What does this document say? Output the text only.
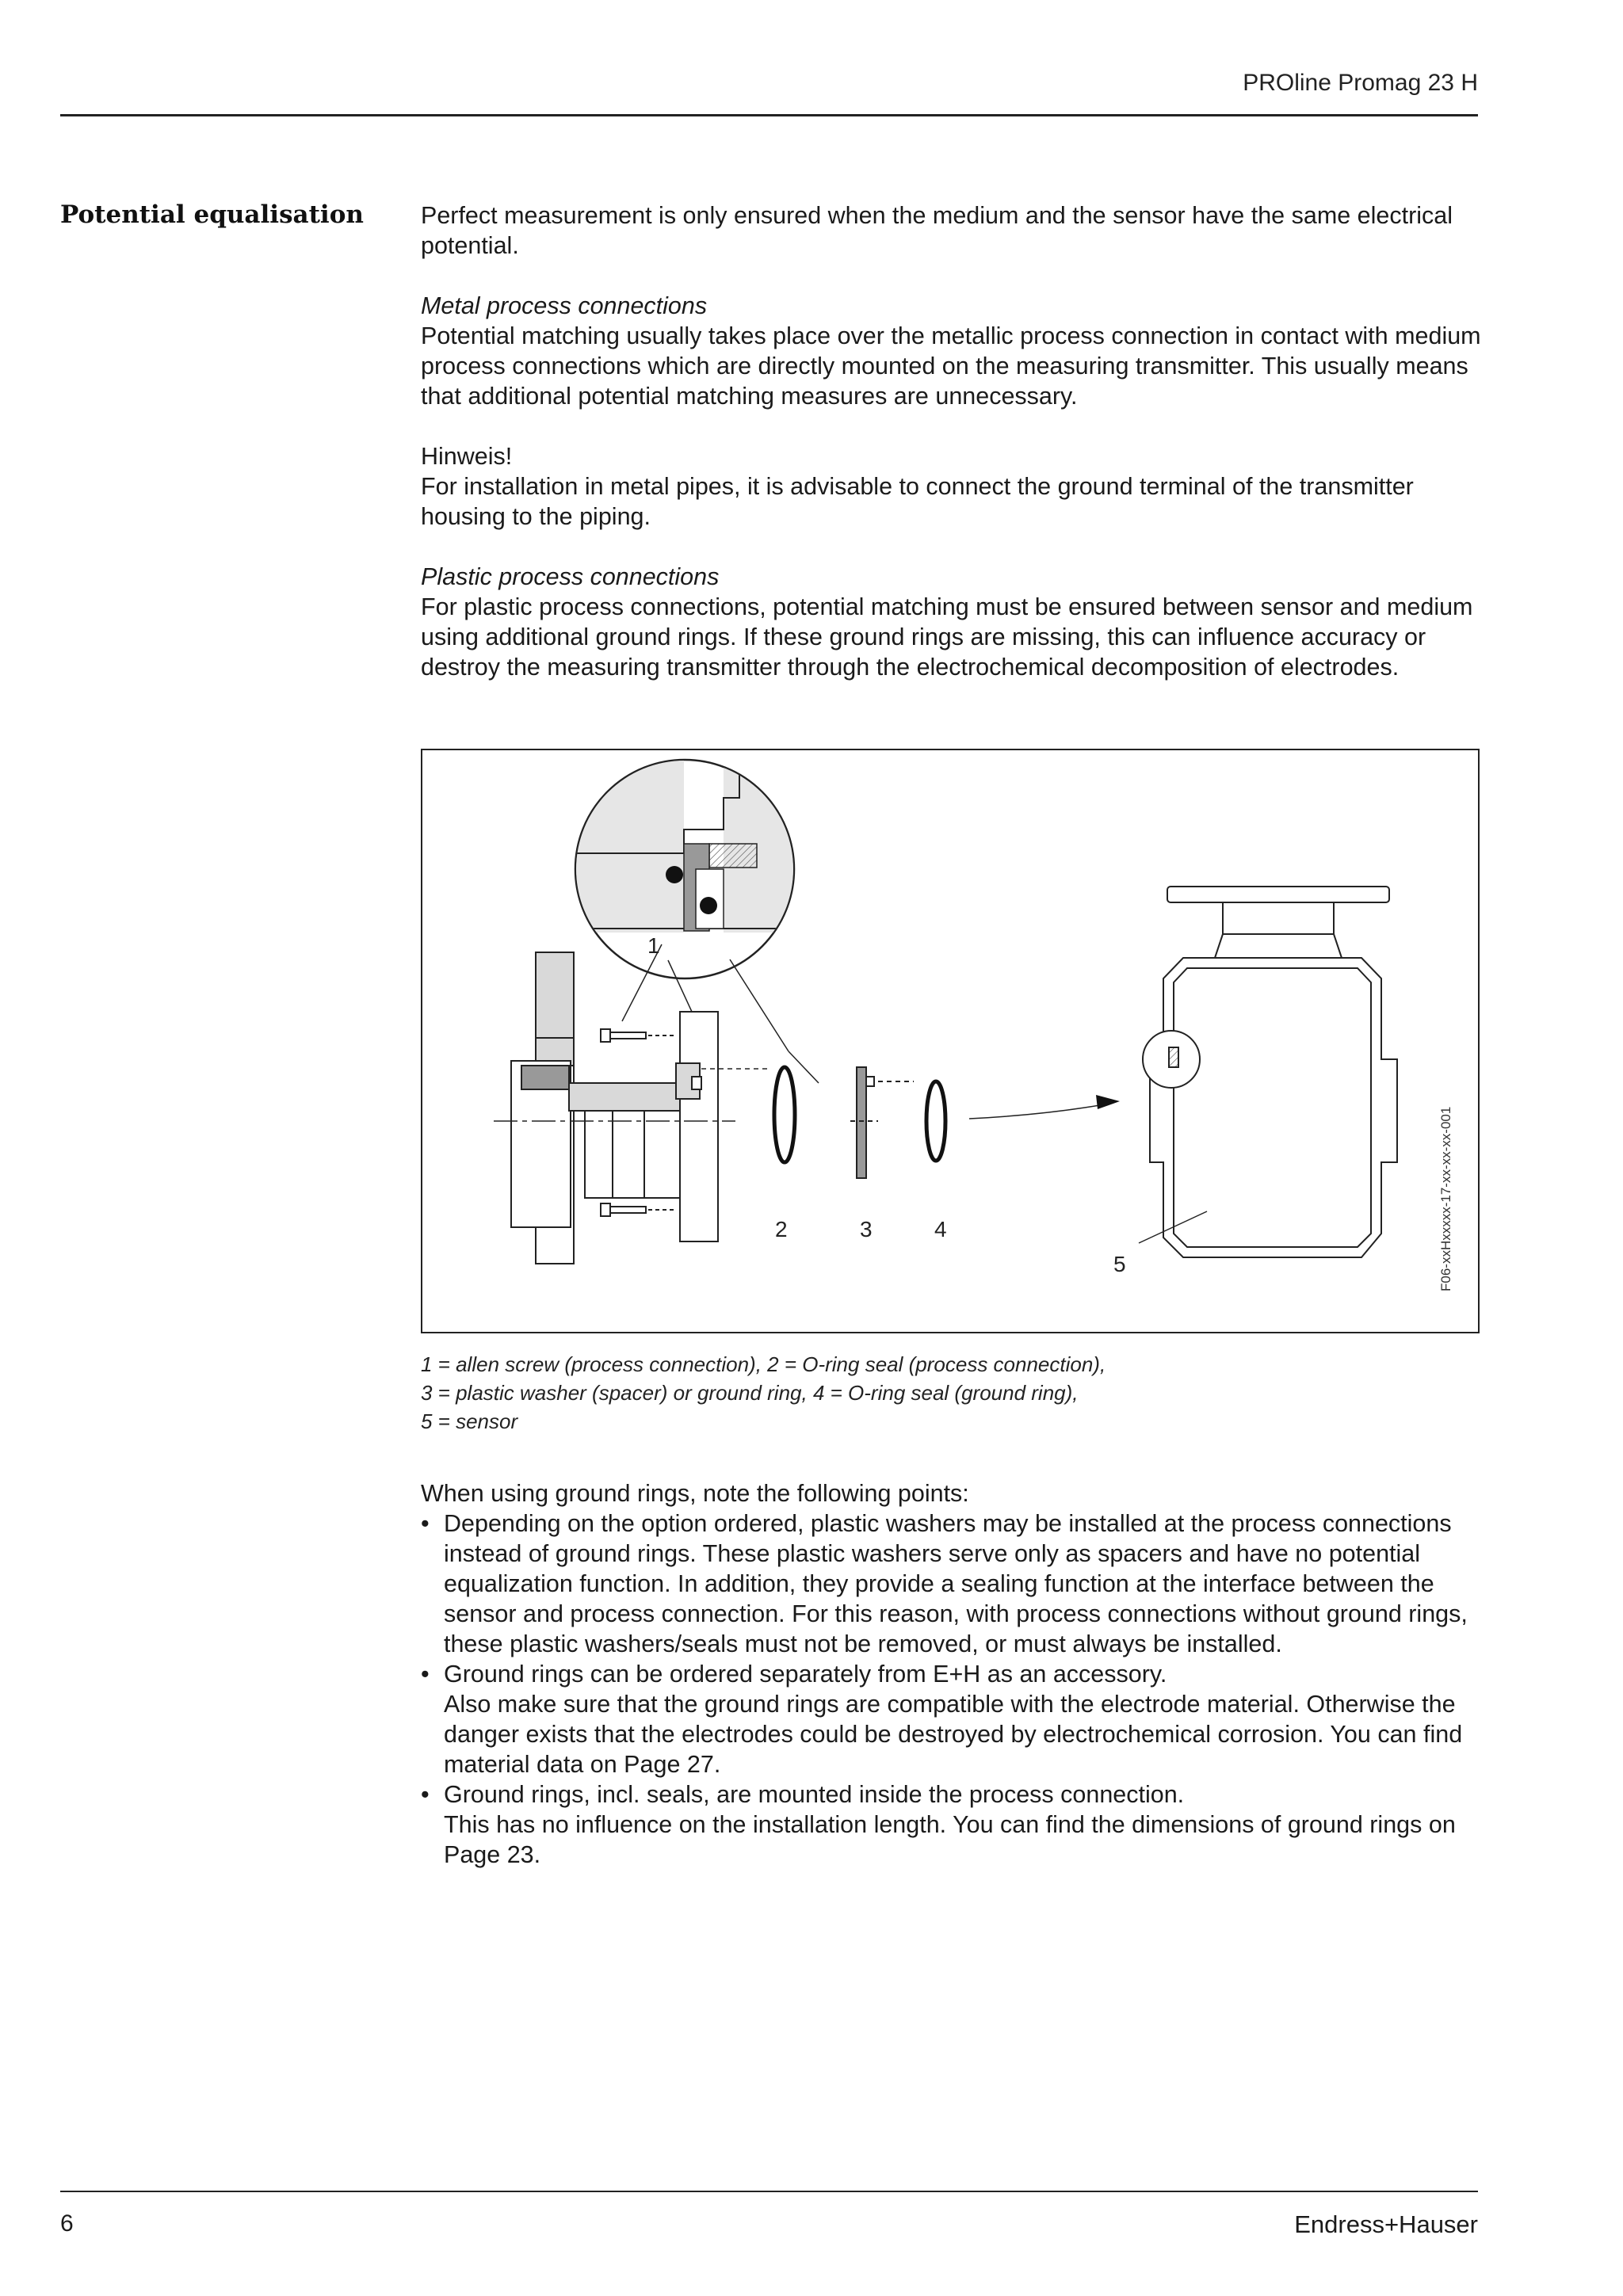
PROline Promag 23 H
Potential equalisation Perfect measurement is only ensured when the medium and the sensor have the same electrical potential.

Metal process connections

Potential matching usually takes place over the metallic process connection in contact with medium process connections which are directly mounted on the measuring transmitter. This usually means that additional potential matching measures are unnecessary.

Hinweis!

For installation in metal pipes, it is advisable to connect the ground terminal of the transmitter housing to the piping.

Plastic process connections

For plastic process connections, potential matching must be ensured between sensor and medium using additional ground rings. If these ground rings are missing, this can influence accuracy or destroy the measuring transmitter through the electrochemical decomposition of electrodes.

1
2	3	4
5	F06-xxHxxxxx-17-xx-xx-xx-001
1 = allen screw (process connection), 2 = O-ring seal (process connection),
3 = plastic washer (spacer) or ground ring, 4 = O-ring seal (ground ring),
5 = sensor

When using ground rings, note the following points:

• Depending on the option ordered, plastic washers may be installed at the process connections instead of ground rings. These plastic washers serve only as spacers and have no potential equalization function. In addition, they provide a sealing function at the interface between the sensor and process connection. For this reason, with process connections without ground rings, these plastic washers/seals must not be removed, or must always be installed.
• Ground rings can be ordered separately from E+H as an accessory.
Also make sure that the ground rings are compatible with the electrode material. Otherwise the danger exists that the electrodes could be destroyed by electrochemical corrosion. You can find material data on Page 27.
• Ground rings, incl. seals, are mounted inside the process connection.
This has no influence on the installation length. You can find the dimensions of ground rings on Page 23.
6	Endress+Hauser
